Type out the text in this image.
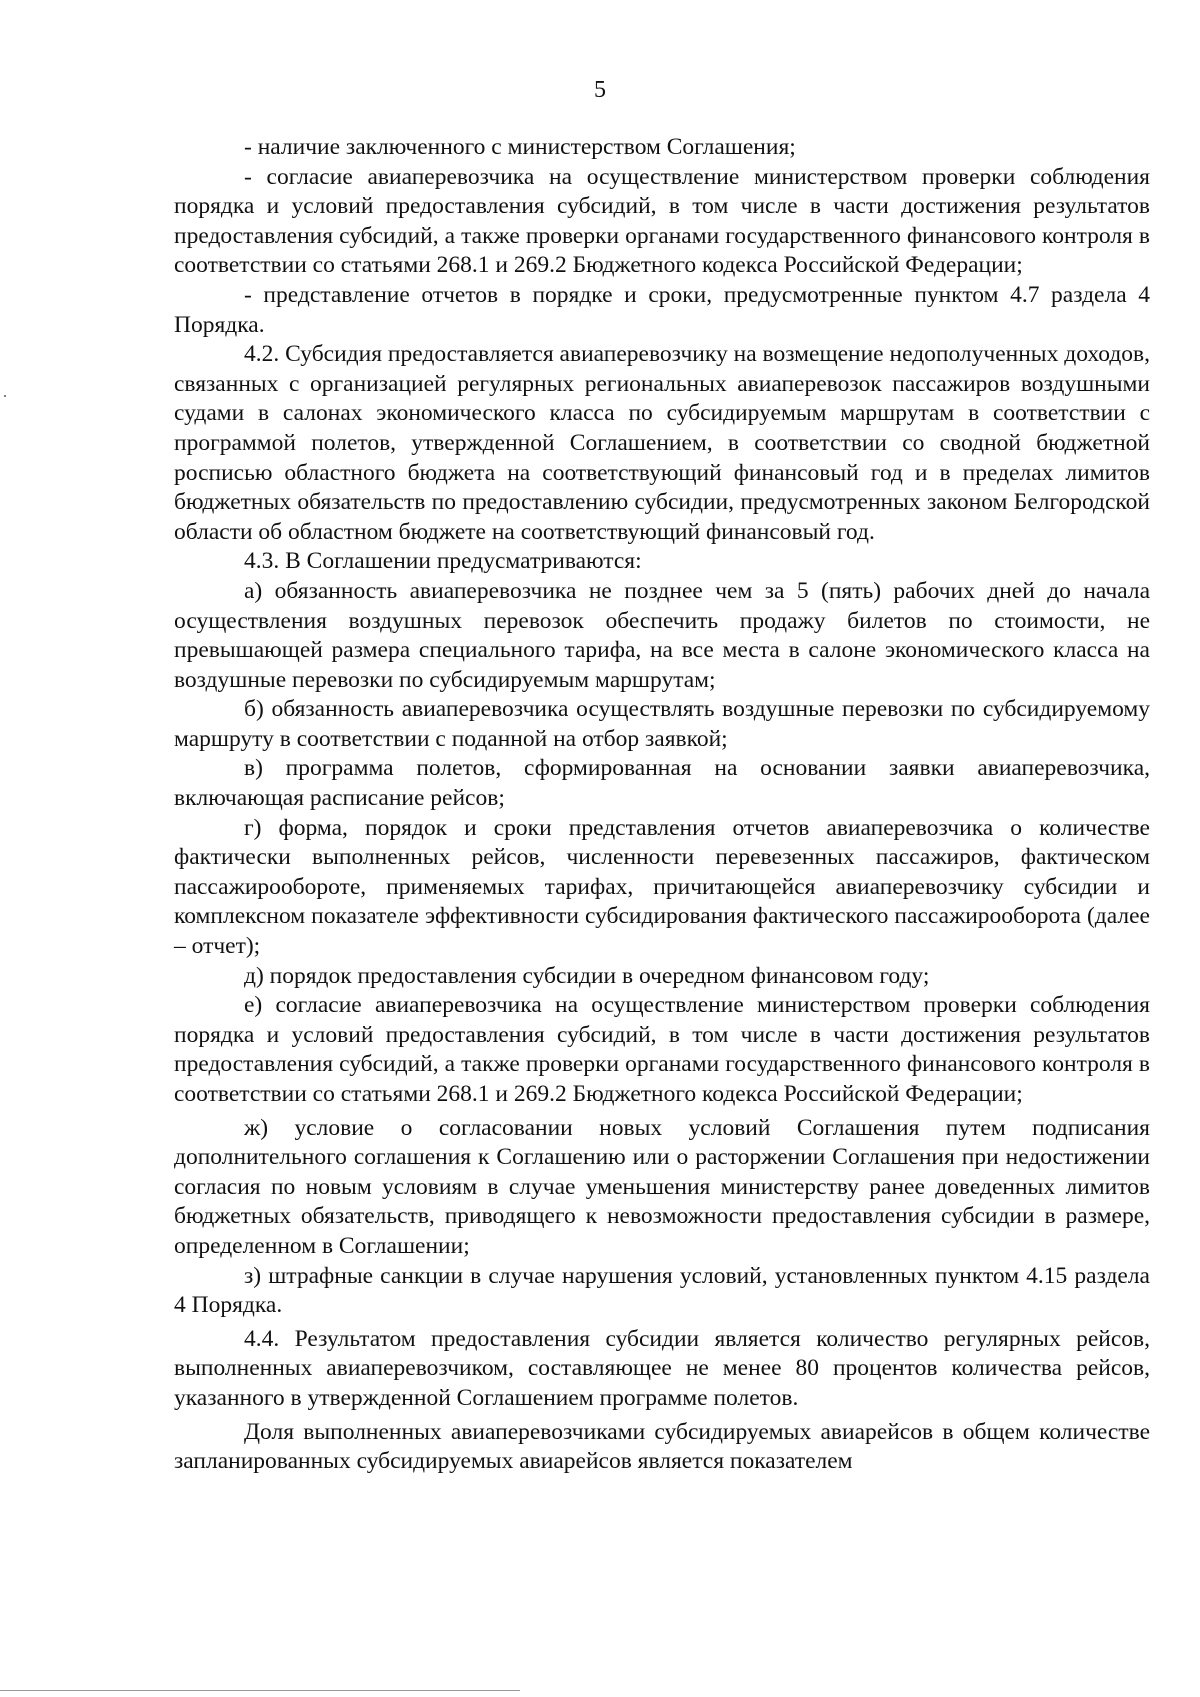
5

- наличие заключенного с министерством Соглашения;

- согласие авиаперевозчика на осуществление министерством проверки соблюдения порядка и условий предоставления субсидий, в том числе в части достижения результатов предоставления субсидий, а также проверки органами государственного финансового контроля в соответствии со статьями 268.1 и 269.2 Бюджетного кодекса Российской Федерации;

- представление отчетов в порядке и сроки, предусмотренные пунктом 4.7 раздела 4 Порядка.

4.2. Субсидия предоставляется авиаперевозчику на возмещение недополученных доходов, связанных с организацией регулярных региональных авиаперевозок пассажиров воздушными судами в салонах экономического класса по субсидируемым маршрутам в соответствии с программой полетов, утвержденной Соглашением, в соответствии со сводной бюджетной росписью областного бюджета на соответствующий финансовый год и в пределах лимитов бюджетных обязательств по предоставлению субсидии, предусмотренных законом Белгородской области об областном бюджете на соответствующий финансовый год.

4.3. В Соглашении предусматриваются:

а) обязанность авиаперевозчика не позднее чем за 5 (пять) рабочих дней до начала осуществления воздушных перевозок обеспечить продажу билетов по стоимости, не превышающей размера специального тарифа, на все места в салоне экономического класса на воздушные перевозки по субсидируемым маршрутам;

б) обязанность авиаперевозчика осуществлять воздушные перевозки по субсидируемому маршруту в соответствии с поданной на отбор заявкой;

в) программа полетов, сформированная на основании заявки авиаперевозчика, включающая расписание рейсов;

г) форма, порядок и сроки представления отчетов авиаперевозчика о количестве фактически выполненных рейсов, численности перевезенных пассажиров, фактическом пассажирообороте, применяемых тарифах, причитающейся авиаперевозчику субсидии и комплексном показателе эффективности субсидирования фактического пассажирооборота (далее – отчет);

д) порядок предоставления субсидии в очередном финансовом году;

е) согласие авиаперевозчика на осуществление министерством проверки соблюдения порядка и условий предоставления субсидий, в том числе в части достижения результатов предоставления субсидий, а также проверки органами государственного финансового контроля в соответствии со статьями 268.1 и 269.2 Бюджетного кодекса Российской Федерации;

ж) условие о согласовании новых условий Соглашения путем подписания дополнительного соглашения к Соглашению или о расторжении Соглашения при недостижении согласия по новым условиям в случае уменьшения министерству ранее доведенных лимитов бюджетных обязательств, приводящего к невозможности предоставления субсидии в размере, определенном в Соглашении;

з) штрафные санкции в случае нарушения условий, установленных пунктом 4.15 раздела 4 Порядка.

4.4. Результатом предоставления субсидии является количество регулярных рейсов, выполненных авиаперевозчиком, составляющее не менее 80 процентов количества рейсов, указанного в утвержденной Соглашением программе полетов.

Доля выполненных авиаперевозчиками субсидируемых авиарейсов в общем количестве запланированных субсидируемых авиарейсов является показателем
